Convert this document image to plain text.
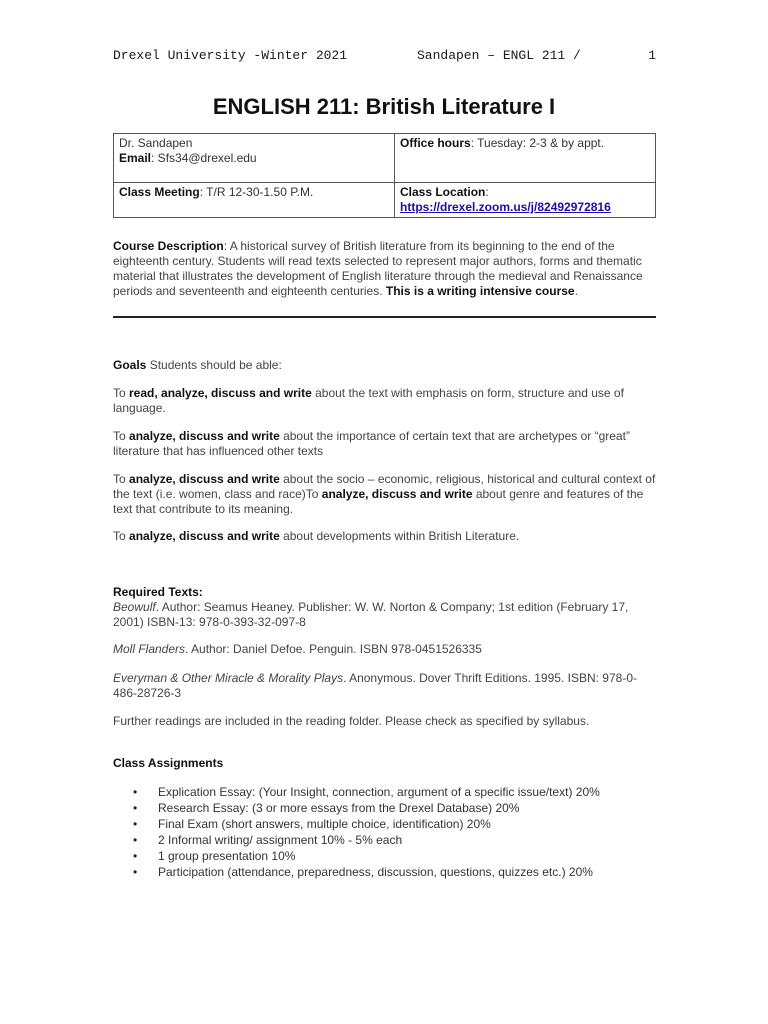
Drexel University -Winter 2021	Sandapen – ENGL 211 /	1
ENGLISH 211: British Literature I
Dr. Sandapen
Email: Sfs34@drexel.edu	Office hours: Tuesday: 2-3 & by appt.
Class Meeting: T/R 12-30-1.50 P.M.	Class Location:
https://drexel.zoom.us/j/82492972816

Course Description: A historical survey of British literature from its beginning to the end of the eighteenth century. Students will read texts selected to represent major authors, forms and thematic material that illustrates the development of English literature through the medieval and Renaissance periods and seventeenth and eighteenth centuries. This is a writing intensive course.

Goals Students should be able:

To read, analyze, discuss and write about the text with emphasis on form, structure and use of language.

To analyze, discuss and write about the importance of certain text that are archetypes or “great” literature that has influenced other texts

To analyze, discuss and write about the socio – economic, religious, historical and cultural context of the text (i.e. women, class and race)To analyze, discuss and write about genre and features of the text that contribute to its meaning.

To analyze, discuss and write about developments within British Literature.

Required Texts:

Beowulf. Author: Seamus Heaney. Publisher: W. W. Norton & Company; 1st edition (February 17, 2001) ISBN-13: 978-0-393-32-097-8

Moll Flanders. Author: Daniel Defoe. Penguin. ISBN 978-0451526335

Everyman & Other Miracle & Morality Plays. Anonymous. Dover Thrift Editions. 1995. ISBN: 978-0-486-28726-3

Further readings are included in the reading folder. Please check as specified by syllabus.

Class Assignments

• Explication Essay: (Your Insight, connection, argument of a specific issue/text) 20%
• Research Essay: (3 or more essays from the Drexel Database) 20%
• Final Exam (short answers, multiple choice, identification) 20%
• 2 Informal writing/ assignment 10% - 5% each
• 1 group presentation 10%
• Participation (attendance, preparedness, discussion, questions, quizzes etc.) 20%
